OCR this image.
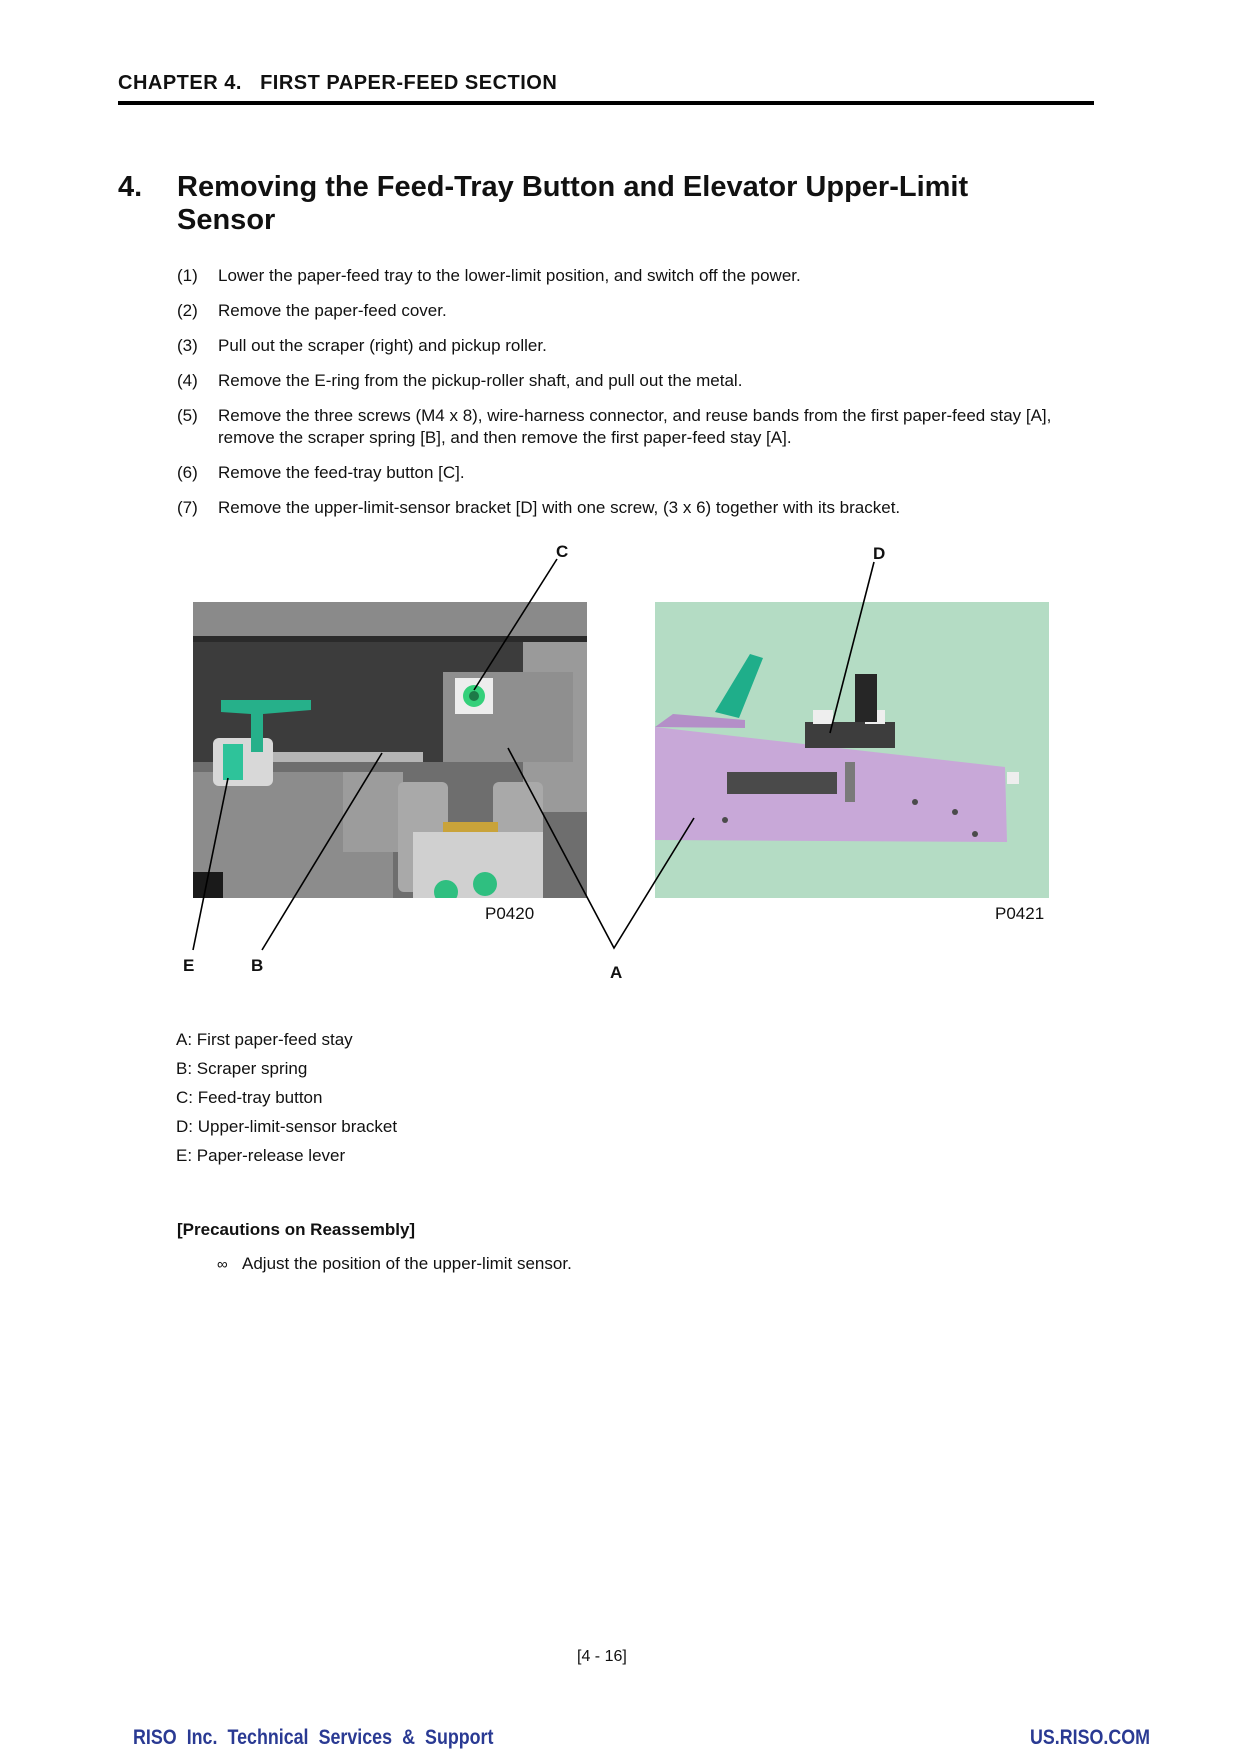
CHAPTER 4.   FIRST PAPER-FEED SECTION
4. Removing the Feed-Tray Button and Elevator Upper-Limit Sensor
(1)	Lower the paper-feed tray to the lower-limit position, and switch off the power.
(2)	Remove the paper-feed cover.
(3)	Pull out the scraper (right) and pickup roller.
(4)	Remove the E-ring from the pickup-roller shaft, and pull out the metal.
(5)	Remove the three screws (M4 x 8), wire-harness connector, and reuse bands from the first paper-feed stay [A], remove the scraper spring [B], and then remove the first paper-feed stay [A].
(6)	Remove the feed-tray button [C].
(7)	Remove the upper-limit-sensor bracket [D] with one screw, (3 x 6) together with its bracket.
C	D
E	B	A
P0420	P0421
A: First paper-feed stay
B: Scraper spring
C: Feed-tray button
D: Upper-limit-sensor bracket
E: Paper-release lever
[Precautions on Reassembly]
∞ Adjust the position of the upper-limit sensor.
[4 - 16]
RISO Inc. Technical Services & Support	US.RISO.COM
